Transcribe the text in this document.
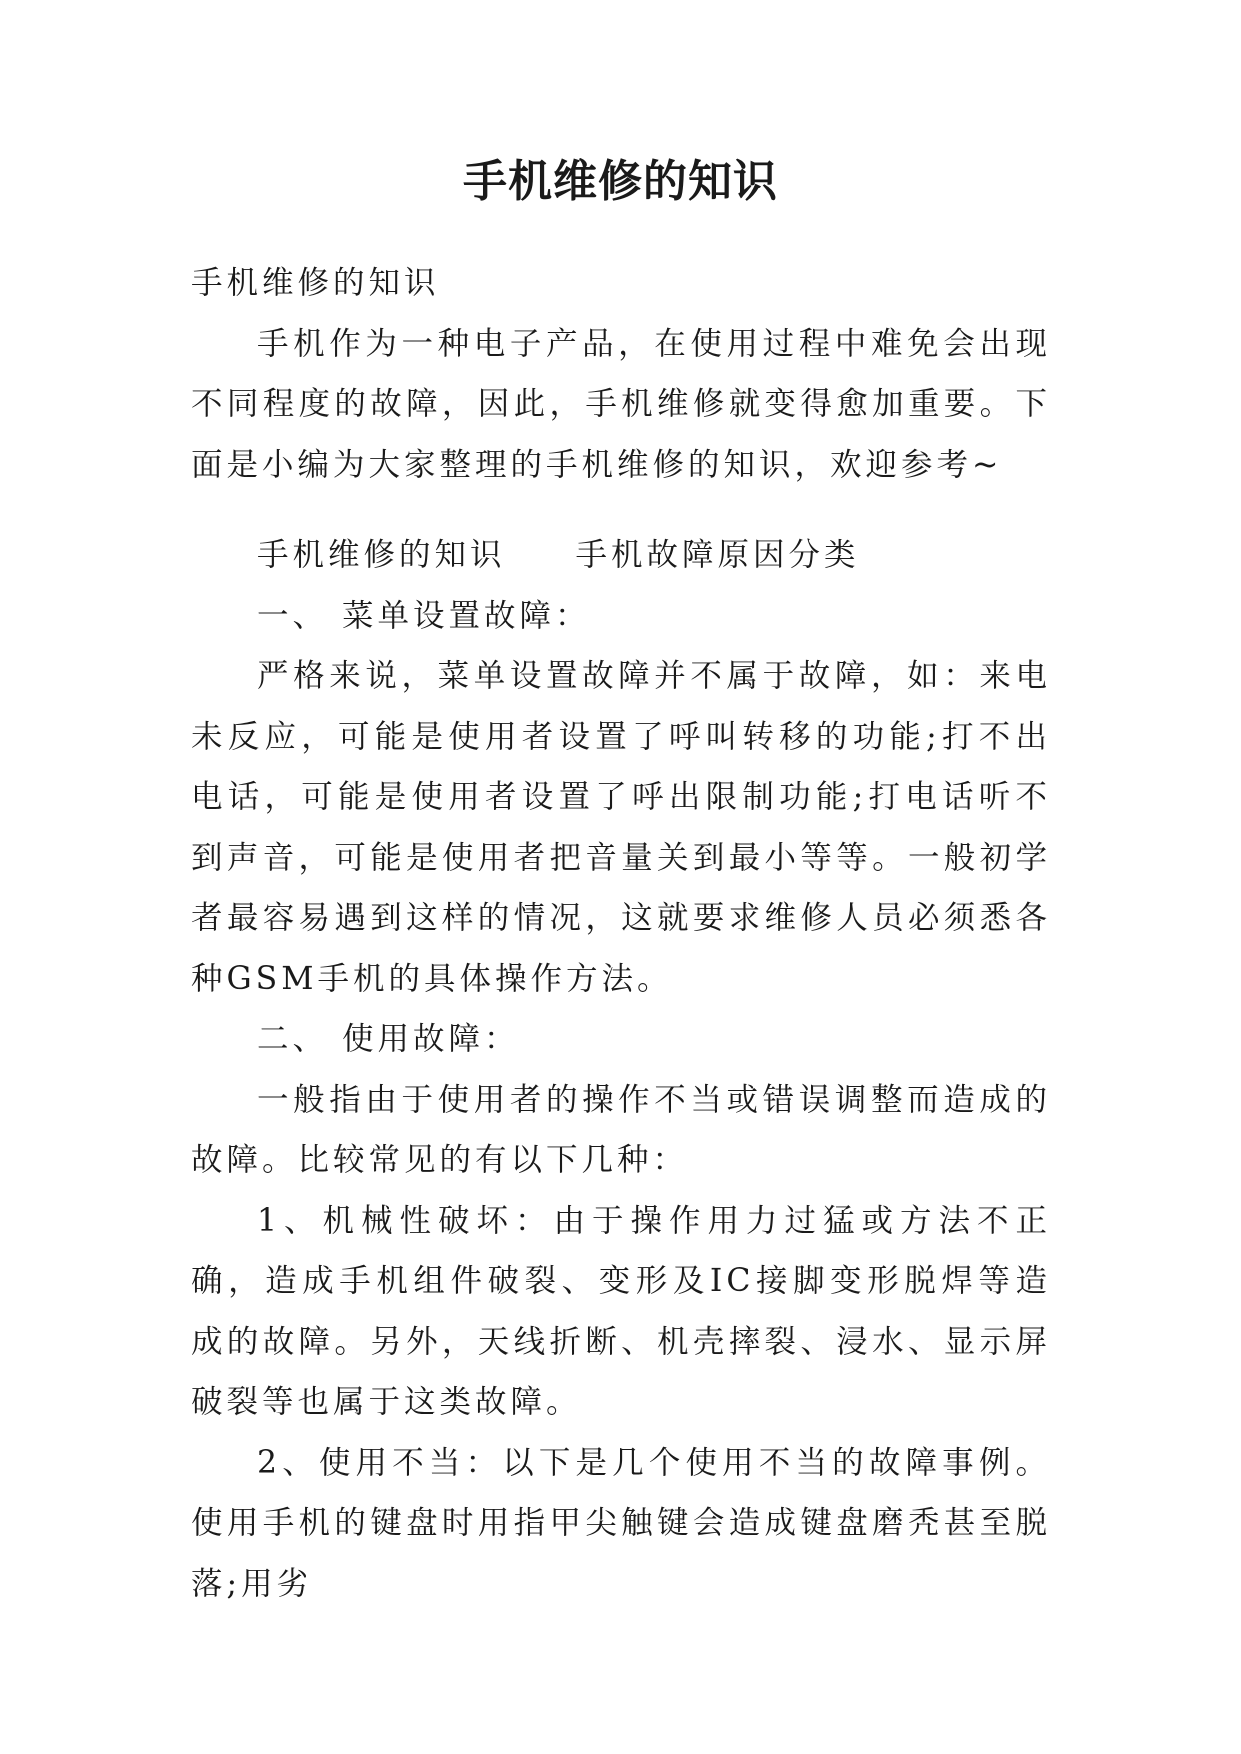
手机维修的知识

手机维修的知识

手机作为一种电子产品，在使用过程中难免会出现不同程度的故障，因此，手机维修就变得愈加重要。下面是小编为大家整理的手机维修的知识，欢迎参考~

手机维修的知识 手机故障原因分类

一、 菜单设置故障：

严格来说，菜单设置故障并不属于故障，如：来电未反应，可能是使用者设置了呼叫转移的功能;打不出电话，可能是使用者设置了呼出限制功能;打电话听不到声音，可能是使用者把音量关到最小等等。一般初学者最容易遇到这样的情况，这就要求维修人员必须悉各种GSM手机的具体操作方法。

二、 使用故障：

一般指由于使用者的操作不当或错误调整而造成的故障。比较常见的有以下几种：

1、机械性破坏：由于操作用力过猛或方法不正确，造成手机组件破裂、变形及IC接脚变形脱焊等造成的故障。另外，天线折断、机壳摔裂、浸水、显示屏破裂等也属于这类故障。

2、使用不当：以下是几个使用不当的故障事例。使用手机的键盘时用指甲尖触键会造成键盘磨秃甚至脱落;用劣
